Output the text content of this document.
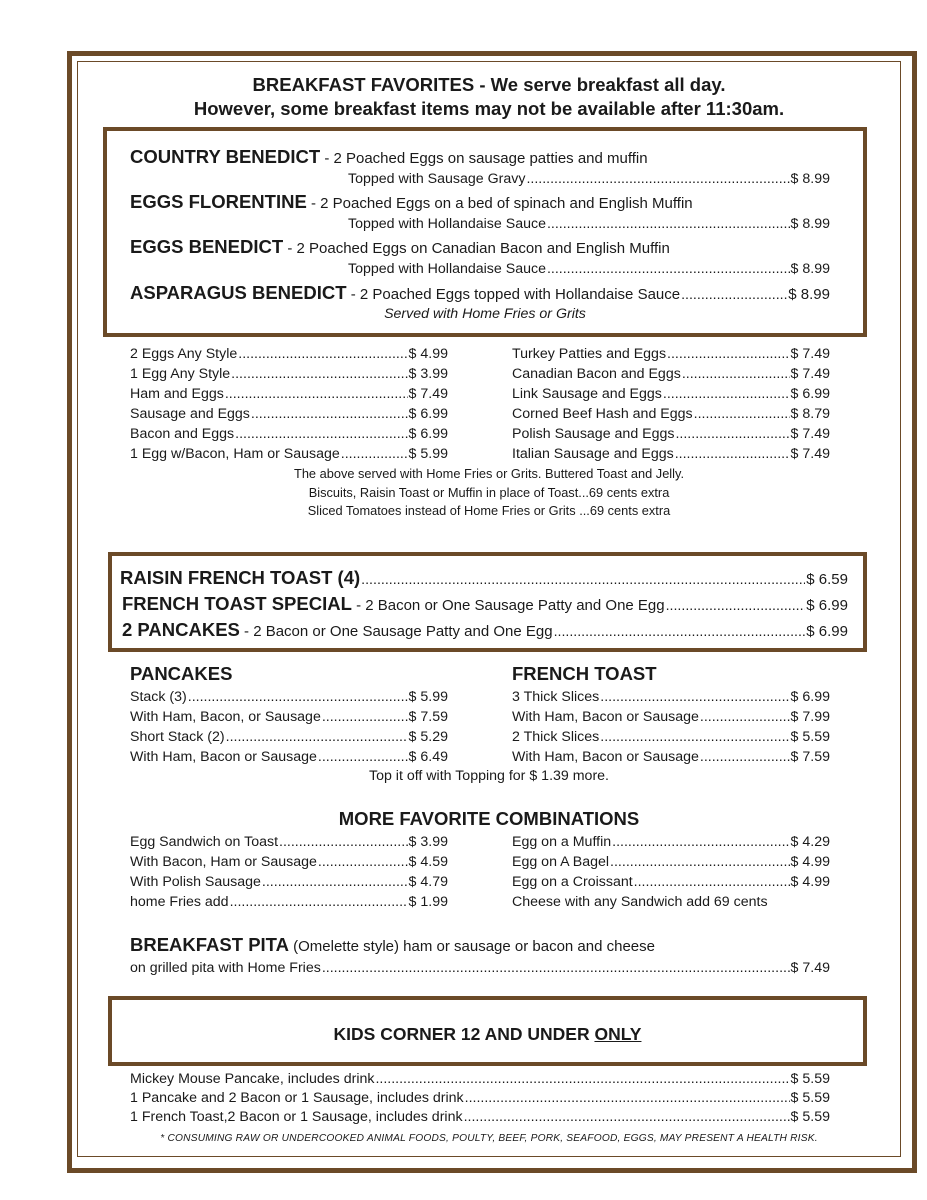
BREAKFAST FAVORITES - We serve breakfast all day.
However, some breakfast items may not be available after 11:30am.
COUNTRY BENEDICT - 2 Poached Eggs on sausage patties and muffin
Topped with Sausage Gravy .....	$ 8.99
EGGS FLORENTINE - 2 Poached Eggs on a bed of spinach and English Muffin
Topped with Hollandaise Sauce .....	$ 8.99
EGGS BENEDICT - 2 Poached Eggs on Canadian Bacon and English Muffin
Topped with Hollandaise Sauce .....	$ 8.99
ASPARAGUS BENEDICT - 2 Poached Eggs topped with Hollandaise Sauce .....	$ 8.99
Served with Home Fries or Grits
2 Eggs Any Style .....	$ 4.99
1 Egg Any Style .....	$ 3.99
Ham and Eggs .....	$ 7.49
Sausage and Eggs .....	$ 6.99
Bacon and Eggs .....	$ 6.99
1 Egg w/Bacon, Ham or Sausage .....	$ 5.99
Turkey Patties and Eggs .....	$ 7.49
Canadian Bacon and Eggs .....	$ 7.49
Link Sausage and Eggs .....	$ 6.99
Corned Beef Hash and Eggs .....	$ 8.79
Polish Sausage and Eggs .....	$ 7.49
Italian Sausage and Eggs .....	$ 7.49
The above served with Home Fries or Grits. Buttered Toast and Jelly.
Biscuits, Raisin Toast or Muffin in place of Toast...69 cents extra
Sliced Tomatoes instead of Home Fries or Grits ...69 cents extra
RAISIN FRENCH TOAST (4) .....	$ 6.59
FRENCH TOAST SPECIAL - 2 Bacon or One Sausage Patty and One Egg .....	$ 6.99
2 PANCAKES - 2 Bacon or One Sausage Patty and One Egg .....	$ 6.99
PANCAKES	FRENCH TOAST
Stack (3) .....	$ 5.99
With Ham, Bacon, or Sausage .....	$ 7.59
Short Stack (2) .....	$ 5.29
With Ham, Bacon or Sausage .....	$ 6.49
3 Thick Slices .....	$ 6.99
With Ham, Bacon or Sausage .....	$ 7.99
2 Thick Slices .....	$ 5.59
With Ham, Bacon or Sausage .....	$ 7.59
Top it off with Topping for $ 1.39 more.
MORE FAVORITE COMBINATIONS
Egg Sandwich on Toast .....	$ 3.99
With Bacon, Ham or Sausage .....	$ 4.59
With Polish Sausage .....	$ 4.79
home Fries add .....	$ 1.99
Egg on a Muffin .....	$ 4.29
Egg on A Bagel .....	$ 4.99
Egg on a Croissant .....	$ 4.99
Cheese with any Sandwich add 69 cents
BREAKFAST PITA (Omelette style) ham or sausage or bacon and cheese
on grilled pita with Home Fries .....	$ 7.49
KIDS CORNER 12 AND UNDER ONLY
Mickey Mouse Pancake, includes drink .....	$ 5.59
1 Pancake and 2 Bacon or 1 Sausage, includes drink .....	$ 5.59
1 French Toast,2 Bacon or 1 Sausage, includes drink .....	$ 5.59
* CONSUMING RAW OR UNDERCOOKED ANIMAL FOODS, POULTY, BEEF, PORK, SEAFOOD, EGGS, MAY PRESENT A HEALTH RISK.
